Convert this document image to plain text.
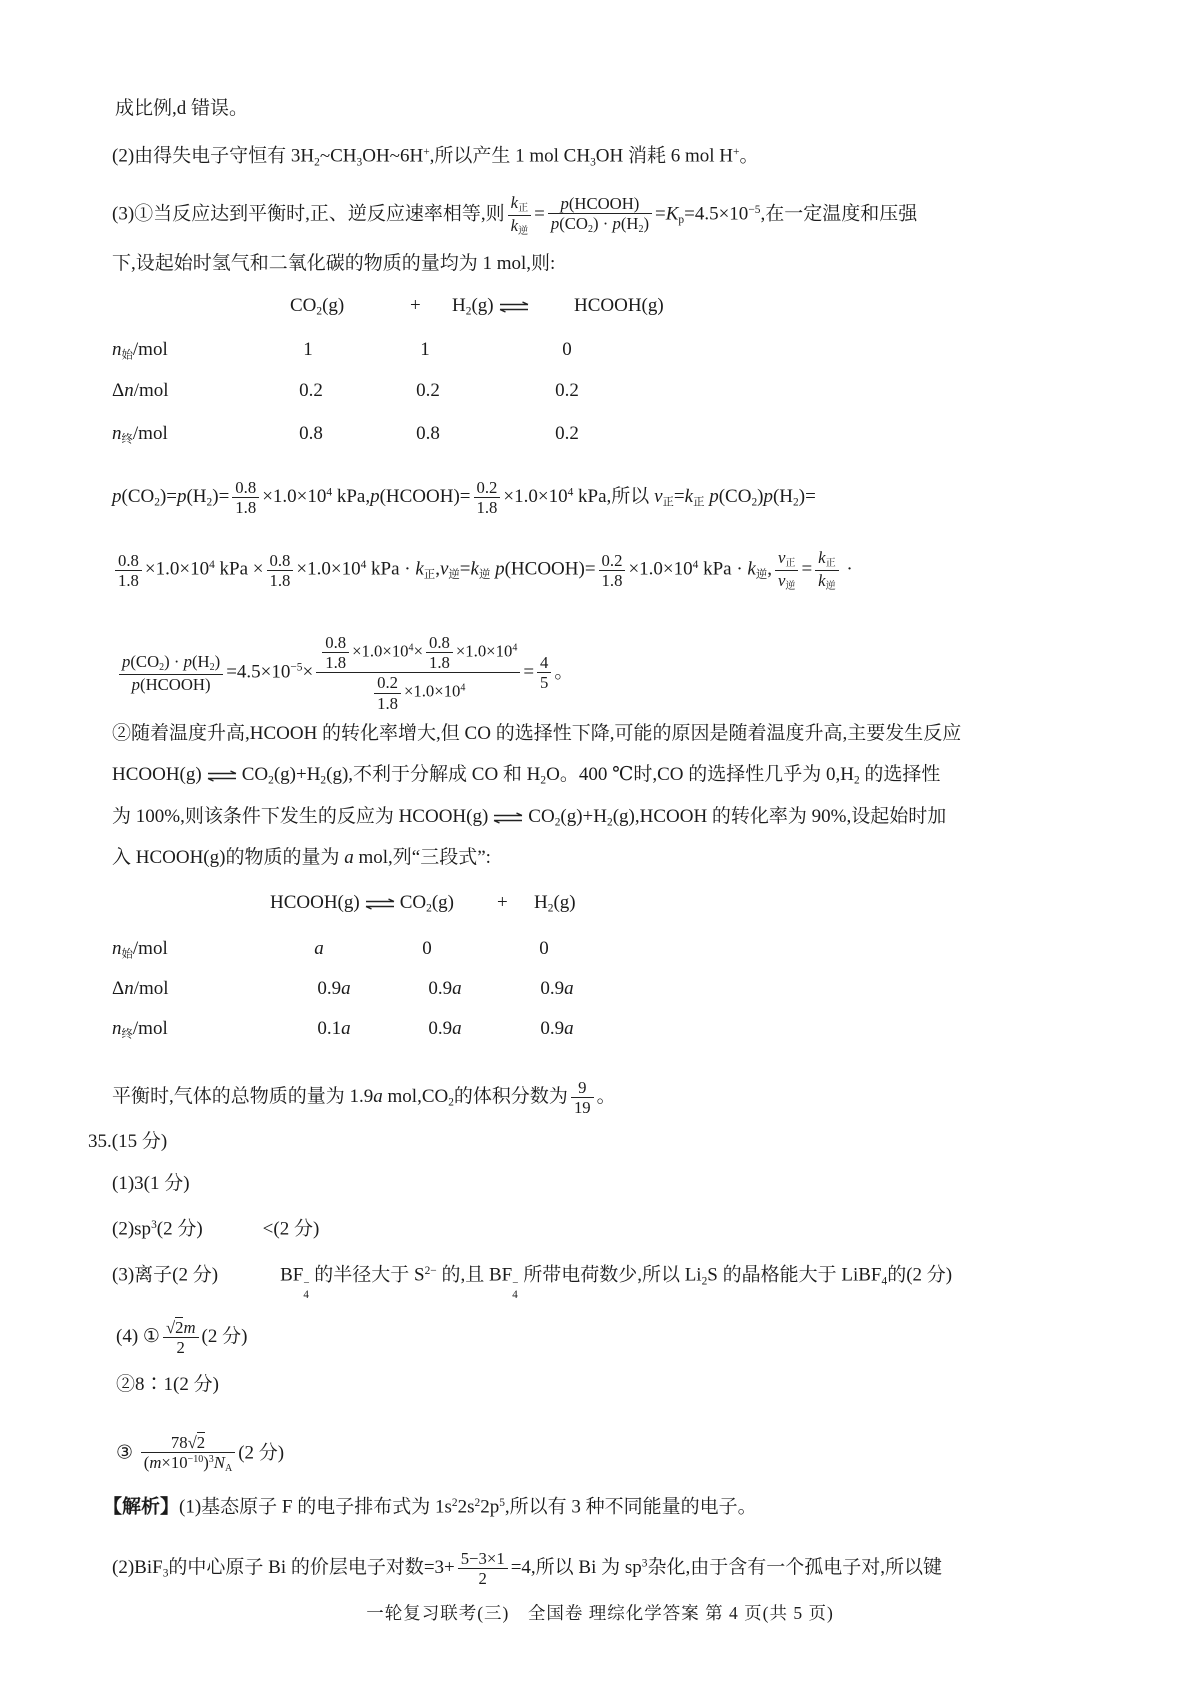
成比例,d 错误。
(2)由得失电子守恒有 3H2~CH3OH~6H+,所以产生 1 mol CH3OH 消耗 6 mol H+。
(3)①当反应达到平衡时,正、逆反应速率相等,则
k正
k逆
= p(HCOOH)
$p(CO2) \cdot p(H2) =Kp=4.5\times 10^{-5}$,在一定温度和压强
下,设起始时氢气和二氧化碳的物质的量均为 1 mol,则:
CO2(g)	+ H2(g) ⇌ HCOOH(g)
n始/mol	1	1	0
Δn/mol	0.2	0.2	0.2
n终/mol	0.8	0.8	0.2
$p(CO2)=p(H2)= \frac{0.8}{1.8} \times 1.0\times 10^4$ kPa,p(HCOOH)= $\frac{0.2}{1.8} \times 1.0\times 10^4$ kPa,所以 v正=k正 p(CO2)p(H2)=
$\frac{0.8}{1.8} \times 1.0\times 10^4$ kPa × $\frac{0.8}{1.8} \times 1.0\times 10^4$ kPa · k正,v逆=k逆 p(HCOOH)= $\frac{0.2}{1.8} \times 1.0\times 10^4$ kPa · k逆,
v正
v逆
=
k正
k逆
·
p(CO2) · p(H2)
p(HCOOH)
$=4.5\times 10^{-5}\times \frac{\frac{0.8}{1.8} \times 1.0\times 10^4\times \frac{0.8}{1.8} \times 1.0\times 10^4}{\frac{0.2}{1.8} \times 1.0\times 10^4} = \frac{4}{5}$ 。
②随着温度升高,HCOOH 的转化率增大,但 CO 的选择性下降,可能的原因是随着温度升高,主要发生反应
HCOOH(g) ⇌ CO2(g)+H2(g),不利于分解成 CO 和 H2O。400 ℃时,CO 的选择性几乎为 0,H2 的选择性
为 100%,则该条件下发生的反应为 HCOOH(g) ⇌ CO2(g)+H2(g),HCOOH 的转化率为 90%,设起始时加
入 HCOOH(g)的物质的量为 a mol,列“三段式”:
HCOOH(g) ⇌ CO2(g) + H2(g)
n始/mol	a	0	0
Δn/mol	0.9a	0.9a	0.9a
n终/mol	0.1a	0.9a	0.9a
平衡时,气体的总物质的量为 1.9a mol,CO2的体积分数为 $\frac{9}{19}$ 。
35.(15 分)
(1)3(1 分)
$(2)sp^3(2$ 分)	<(2 分)
(3)离子(2 分)	BF −
4
的半径大于 $S^{2-}$ 的,且 BF −
4
所带电荷数少,所以 Li2S 的晶格能大于 LiBF4的(2 分)
(4) ① $\frac{√2m}{2} (2$ 分)
②8∶1(2 分)
③ $\frac{78√2}{(m\times 10^{-10})^3NA} (2$ 分)
【解析】(1)基态原子 F 的电子排布式为 $1s^22s^22p^5$,所以有 3 种不同能量的电子。
(2)BiF3的中心原子 Bi 的价层电子对数$=3+ \frac{5-3\times 1}{2} =4$,所以 Bi 为 $sp^3$杂化,由于含有一个孤电子对,所以键
一轮复习联考(三)　全国卷 理综化学答案 第 4 页(共 5 页)
